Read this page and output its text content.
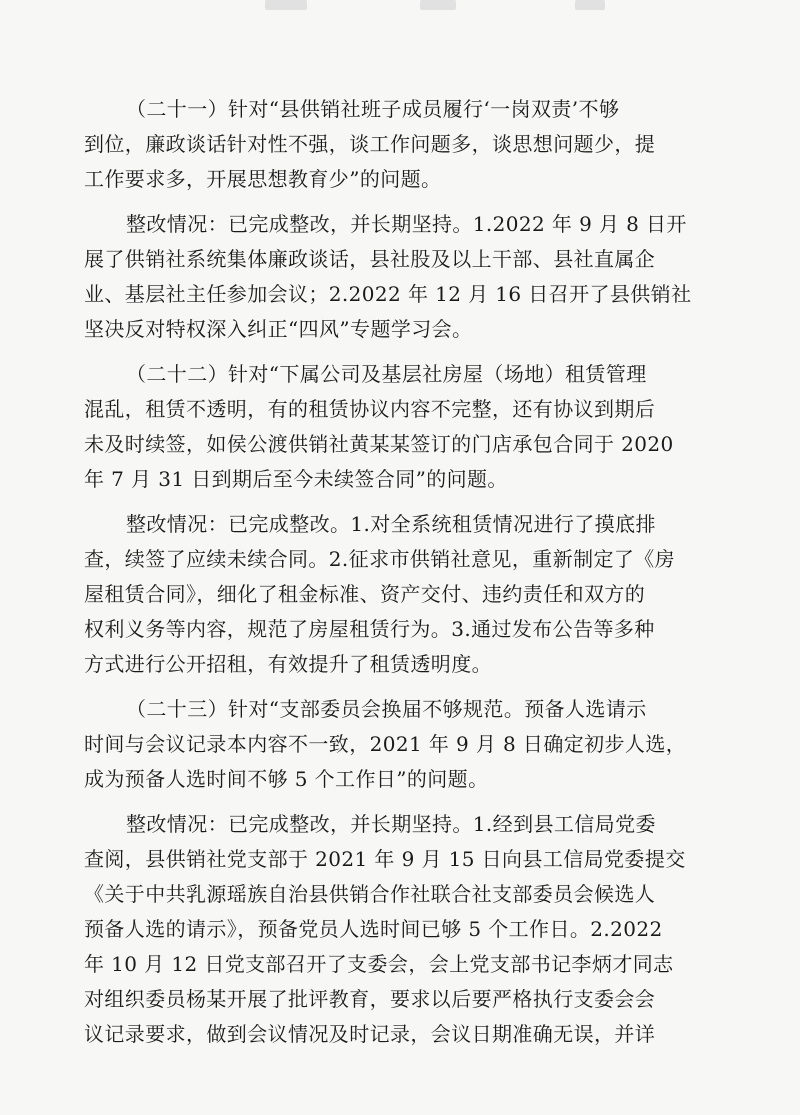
（二十一）针对“县供销社班子成员履行‘一岗双责’不够
到位，廉政谈话针对性不强，谈工作问题多，谈思想问题少，提
工作要求多，开展思想教育少”的问题。
整改情况：已完成整改，并长期坚持。1.2022 年 9 月 8 日开
展了供销社系统集体廉政谈话，县社股及以上干部、县社直属企
业、基层社主任参加会议；2.2022 年 12 月 16 日召开了县供销社
坚决反对特权深入纠正“四风”专题学习会。
（二十二）针对“下属公司及基层社房屋（场地）租赁管理
混乱，租赁不透明，有的租赁协议内容不完整，还有协议到期后
未及时续签，如侯公渡供销社黄某某签订的门店承包合同于 2020
年 7 月 31 日到期后至今未续签合同”的问题。
整改情况：已完成整改。1.对全系统租赁情况进行了摸底排
查，续签了应续未续合同。2.征求市供销社意见，重新制定了《房
屋租赁合同》，细化了租金标准、资产交付、违约责任和双方的
权利义务等内容，规范了房屋租赁行为。3.通过发布公告等多种
方式进行公开招租，有效提升了租赁透明度。
（二十三）针对“支部委员会换届不够规范。预备人选请示
时间与会议记录本内容不一致，2021 年 9 月 8 日确定初步人选，
成为预备人选时间不够 5 个工作日”的问题。
整改情况：已完成整改，并长期坚持。1.经到县工信局党委
查阅，县供销社党支部于 2021 年 9 月 15 日向县工信局党委提交
《关于中共乳源瑶族自治县供销合作社联合社支部委员会候选人
预备人选的请示》，预备党员人选时间已够 5 个工作日。2.2022
年 10 月 12 日党支部召开了支委会，会上党支部书记李炳才同志
对组织委员杨某开展了批评教育，要求以后要严格执行支委会会
议记录要求，做到会议情况及时记录，会议日期准确无误，并详
